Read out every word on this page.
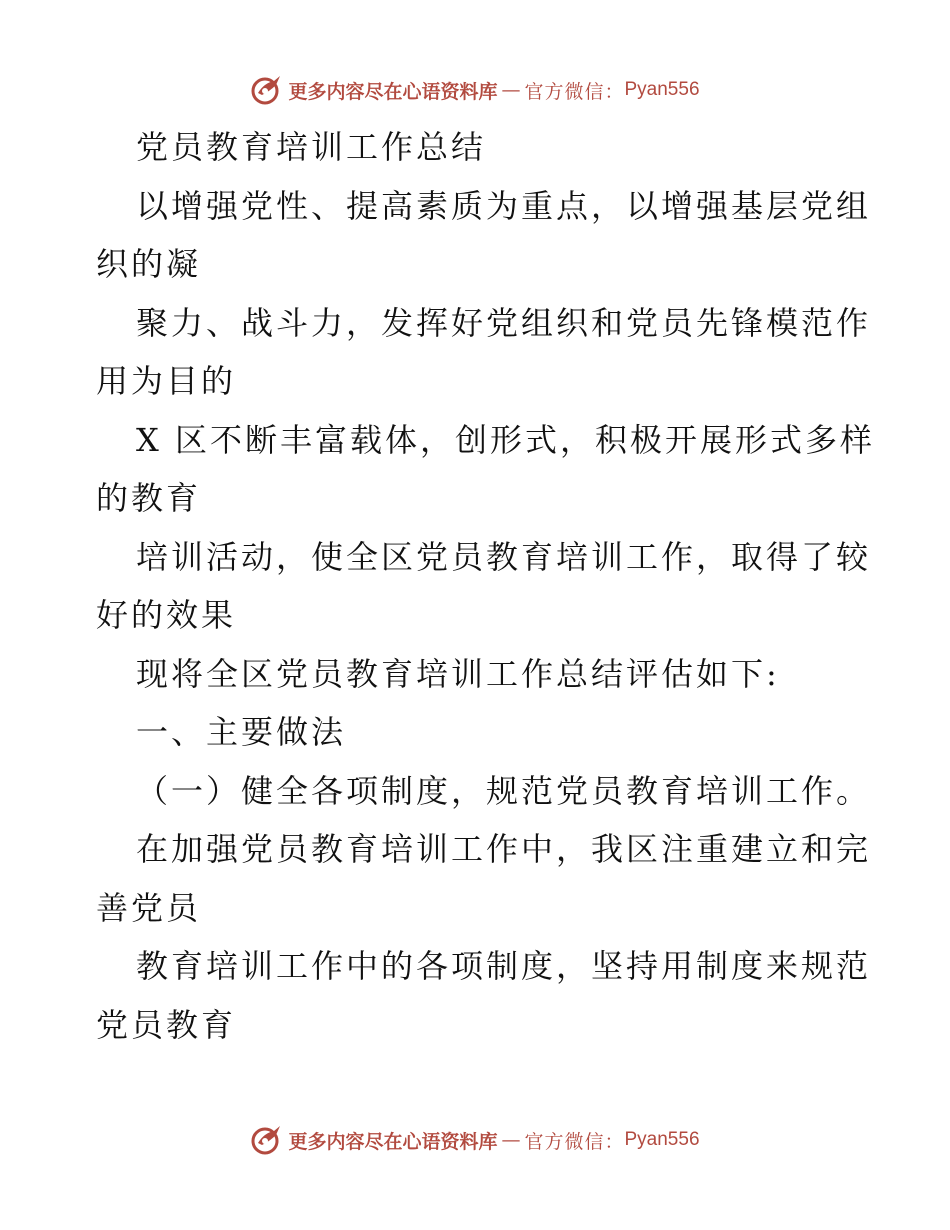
更多内容尽在心语资料库 — 官方微信： Pyan556
党员教育培训工作总结
以增强党性、提高素质为重点，以增强基层党组
织的凝
聚力、战斗力，发挥好党组织和党员先锋模范作
用为目的
X 区不断丰富载体，创形式，积极开展形式多样
的教育
培训活动，使全区党员教育培训工作，取得了较
好的效果
现将全区党员教育培训工作总结评估如下:
一、主要做法
（一）健全各项制度，规范党员教育培训工作。
在加强党员教育培训工作中，我区注重建立和完
善党员
教育培训工作中的各项制度，坚持用制度来规范
党员教育
更多内容尽在心语资料库 — 官方微信： Pyan556
